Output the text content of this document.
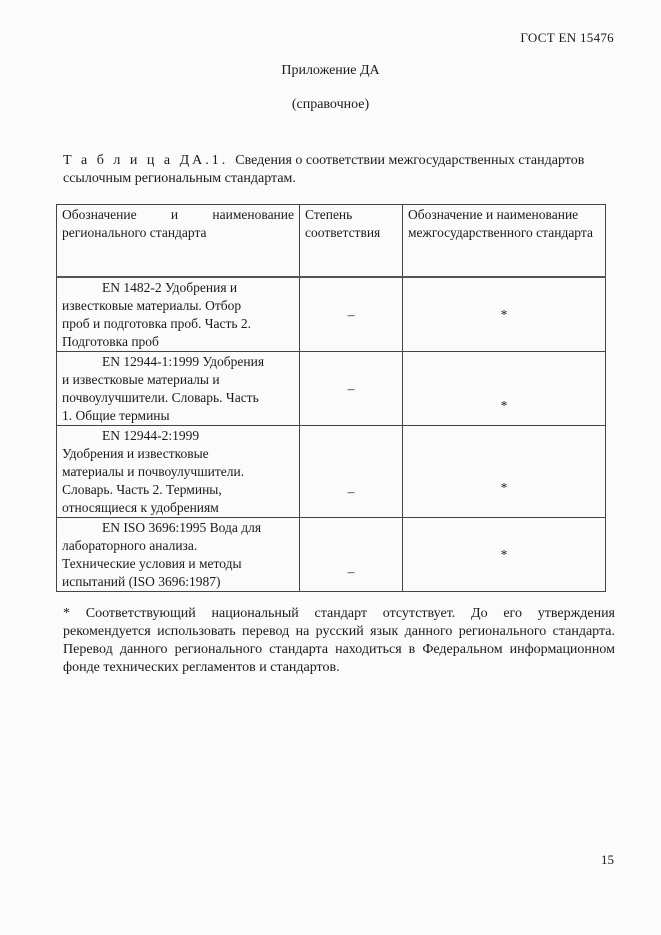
ГОСТ EN 15476
Приложение ДА
(справочное)
Т а б л и ц а ДА.1. Сведения о соответствии межгосударственных стандартов ссылочным региональным стандартам.
Обозначение и наименование
регионального стандарта	Степень соответствия	Обозначение и наименование межгосударственного стандарта

EN 1482-2 Удобрения и
известковые материалы. Отбор
проб и подготовка проб. Часть 2.
Подготовка проб	–	*

EN 12944-1:1999 Удобрения
и известковые материалы и
почвоулучшители. Словарь. Часть
1. Общие термины	–	*

EN 12944-2:1999
Удобрения и известковые
материалы и почвоулучшители.
Словарь. Часть 2. Термины,
относящиеся к удобрениям	–	*

EN ISO 3696:1995 Вода для
лабораторного анализа.
Технические условия и методы
испытаний (ISO 3696:1987)	–	*
* Соответствующий национальный стандарт отсутствует. До его утверждения рекомендуется использовать перевод на русский язык данного регионального стандарта. Перевод данного регионального стандарта находиться в Федеральном информационном фонде технических регламентов и стандартов.
15
